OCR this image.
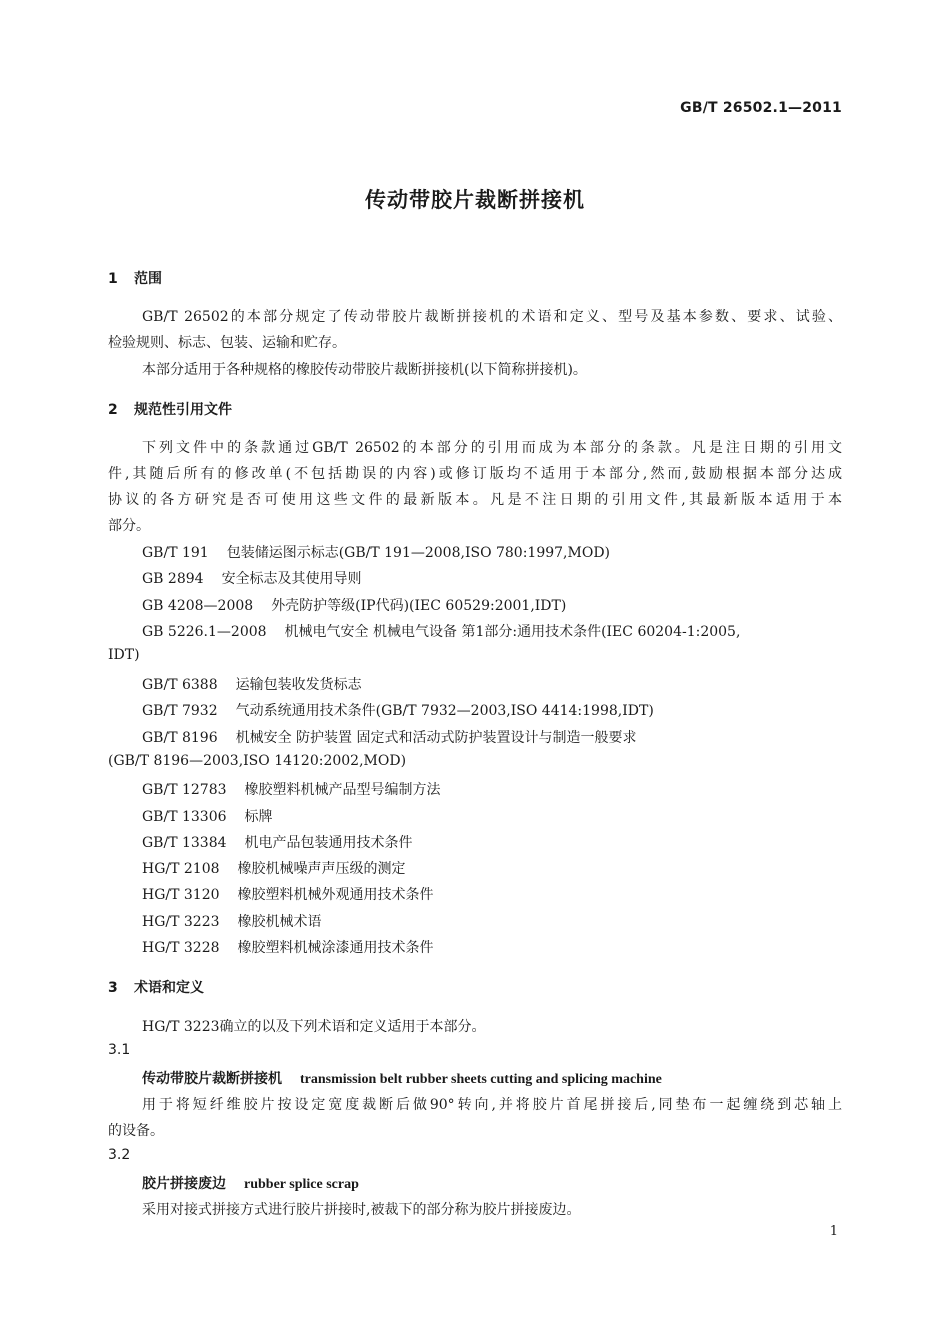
GB/T 26502.1—2011
传动带胶片裁断拼接机
1 范围
GB/T 26502的本部分规定了传动带胶片裁断拼接机的术语和定义、型号及基本参数、要求、试验、
检验规则、标志、包装、运输和贮存。
本部分适用于各种规格的橡胶传动带胶片裁断拼接机(以下简称拼接机)。
2 规范性引用文件
下列文件中的条款通过GB/T 26502的本部分的引用而成为本部分的条款。凡是注日期的引用文
件,其随后所有的修改单(不包括勘误的内容)或修订版均不适用于本部分,然而,鼓励根据本部分达成
协议的各方研究是否可使用这些文件的最新版本。凡是不注日期的引用文件,其最新版本适用于本
部分。
GB/T 191 包装储运图示标志(GB/T 191—2008,ISO 780:1997,MOD)
GB 2894 安全标志及其使用导则
GB 4208—2008 外壳防护等级(IP代码)(IEC 60529:2001,IDT)
GB 5226.1—2008 机械电气安全 机械电气设备 第1部分:通用技术条件(IEC 60204-1:2005,
IDT)
GB/T 6388 运输包装收发货标志
GB/T 7932 气动系统通用技术条件(GB/T 7932—2003,ISO 4414:1998,IDT)
GB/T 8196 机械安全 防护装置 固定式和活动式防护装置设计与制造一般要求
(GB/T 8196—2003,ISO 14120:2002,MOD)
GB/T 12783 橡胶塑料机械产品型号编制方法
GB/T 13306 标牌
GB/T 13384 机电产品包装通用技术条件
HG/T 2108 橡胶机械噪声声压级的测定
HG/T 3120 橡胶塑料机械外观通用技术条件
HG/T 3223 橡胶机械术语
HG/T 3228 橡胶塑料机械涂漆通用技术条件
3 术语和定义
HG/T 3223确立的以及下列术语和定义适用于本部分。
3.1
传动带胶片裁断拼接机 transmission belt rubber sheets cutting and splicing machine
用于将短纤维胶片按设定宽度裁断后做90°转向,并将胶片首尾拼接后,同垫布一起缠绕到芯轴上
的设备。
3.2
胶片拼接废边 rubber splice scrap
采用对接式拼接方式进行胶片拼接时,被裁下的部分称为胶片拼接废边。
1
